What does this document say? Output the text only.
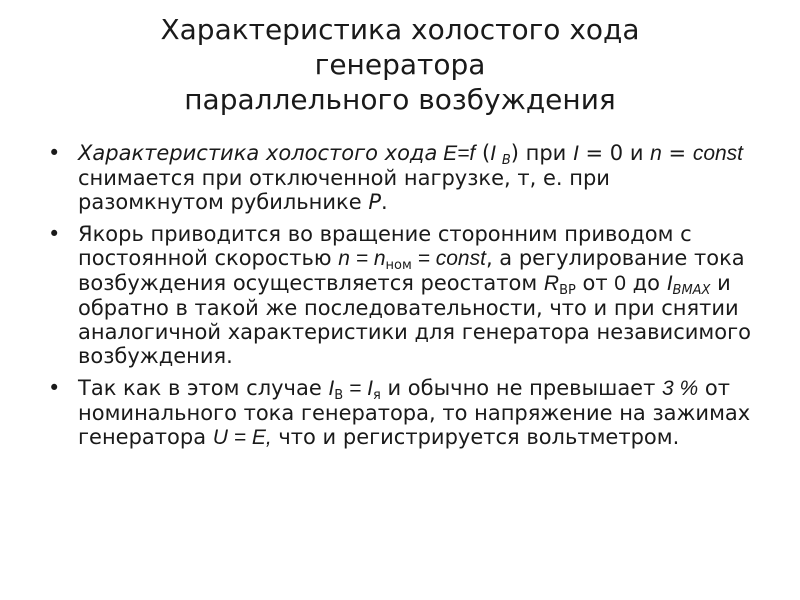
Характеристика холостого хода
генератора
параллельного возбуждения
• Характеристика холостого хода E=f (I $_B$) при I = 0 и n = const снимается при отключенной нагрузке, т, е. при разомкнутом рубильнике P.
• Якорь приводится во вращение сторонним приводом с постоянной скоростью $n = n_{ном}$ = const, а регулирование тока возбуждения осуществляется реостатом $R_{ВР}$ от 0 до $I_{ВMAX}$ и обратно в такой же последовательности, что и при снятии аналогичной характеристики для генератора независимого возбуждения.
• Так как в этом случае $I_В = I_я$ и обычно не превышает 3 % от номинального тока генератора, то напряжение на зажимах генератора U = E, что и регистрируется вольтметром.
